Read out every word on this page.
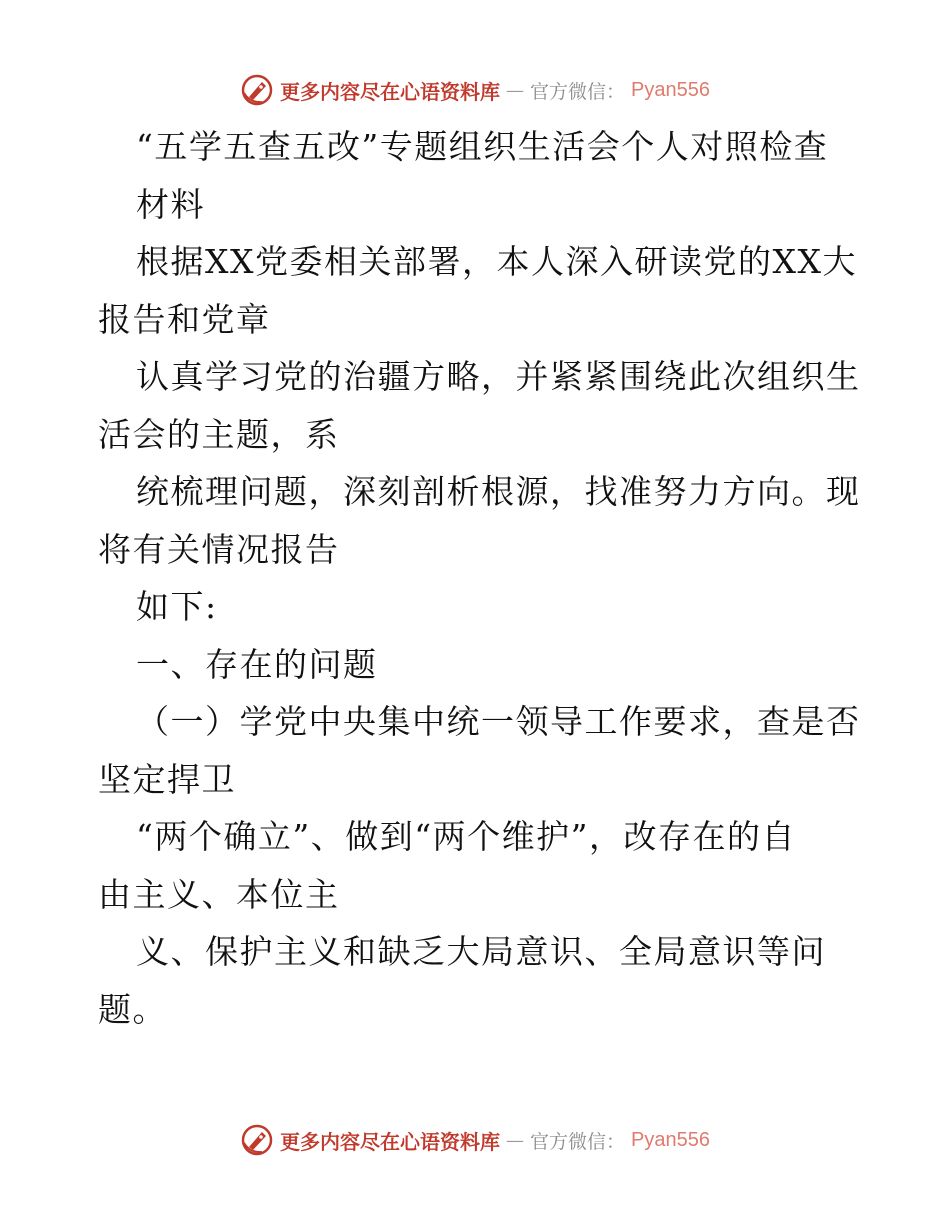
更多内容尽在心语资料库 — 官方微信： Pyan556
“五学五查五改”专题组织生活会个人对照检查
材料
根据XX党委相关部署，本人深入研读党的XX大
报告和党章
认真学习党的治疆方略，并紧紧围绕此次组织生
活会的主题，系
统梳理问题，深刻剖析根源，找准努力方向。现
将有关情况报告
如下:
一、存在的问题
（一）学党中央集中统一领导工作要求，查是否
坚定捍卫
“两个确立”、做到“两个维护”，改存在的自
由主义、本位主
义、保护主义和缺乏大局意识、全局意识等问
题。
更多内容尽在心语资料库 — 官方微信： Pyan556
